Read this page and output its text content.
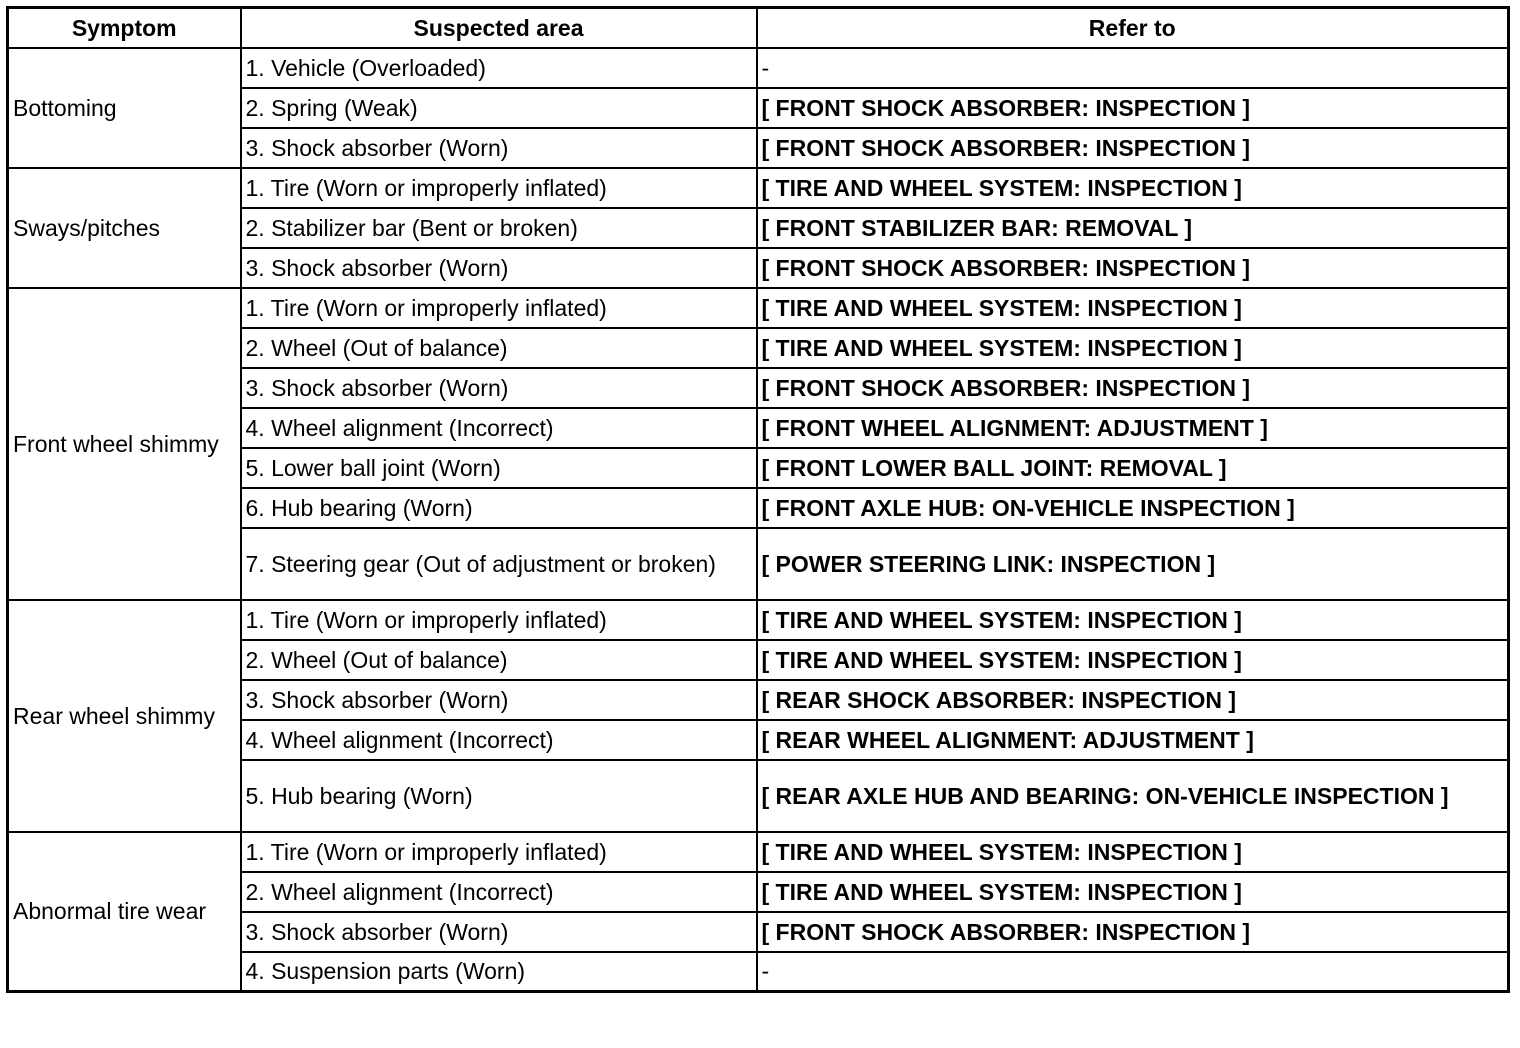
Symptom	Suspected area	Refer to
Bottoming	1. Vehicle (Overloaded)	-
	2. Spring (Weak)	[ FRONT SHOCK ABSORBER: INSPECTION ]
	3. Shock absorber (Worn)	[ FRONT SHOCK ABSORBER: INSPECTION ]
Sways/pitches	1. Tire (Worn or improperly inflated)	[ TIRE AND WHEEL SYSTEM: INSPECTION ]
	2. Stabilizer bar (Bent or broken)	[ FRONT STABILIZER BAR: REMOVAL ]
	3. Shock absorber (Worn)	[ FRONT SHOCK ABSORBER: INSPECTION ]
Front wheel shimmy	1. Tire (Worn or improperly inflated)	[ TIRE AND WHEEL SYSTEM: INSPECTION ]
	2. Wheel (Out of balance)	[ TIRE AND WHEEL SYSTEM: INSPECTION ]
	3. Shock absorber (Worn)	[ FRONT SHOCK ABSORBER: INSPECTION ]
	4. Wheel alignment (Incorrect)	[ FRONT WHEEL ALIGNMENT: ADJUSTMENT ]
	5. Lower ball joint (Worn)	[ FRONT LOWER BALL JOINT: REMOVAL ]
	6. Hub bearing (Worn)	[ FRONT AXLE HUB: ON-VEHICLE INSPECTION ]
	7. Steering gear (Out of adjustment or broken)	[ POWER STEERING LINK: INSPECTION ]
Rear wheel shimmy	1. Tire (Worn or improperly inflated)	[ TIRE AND WHEEL SYSTEM: INSPECTION ]
	2. Wheel (Out of balance)	[ TIRE AND WHEEL SYSTEM: INSPECTION ]
	3. Shock absorber (Worn)	[ REAR SHOCK ABSORBER: INSPECTION ]
	4. Wheel alignment (Incorrect)	[ REAR WHEEL ALIGNMENT: ADJUSTMENT ]
	5. Hub bearing (Worn)	[ REAR AXLE HUB AND BEARING: ON-VEHICLE INSPECTION ]
Abnormal tire wear	1. Tire (Worn or improperly inflated)	[ TIRE AND WHEEL SYSTEM: INSPECTION ]
	2. Wheel alignment (Incorrect)	[ TIRE AND WHEEL SYSTEM: INSPECTION ]
	3. Shock absorber (Worn)	[ FRONT SHOCK ABSORBER: INSPECTION ]
	4. Suspension parts (Worn)	-
